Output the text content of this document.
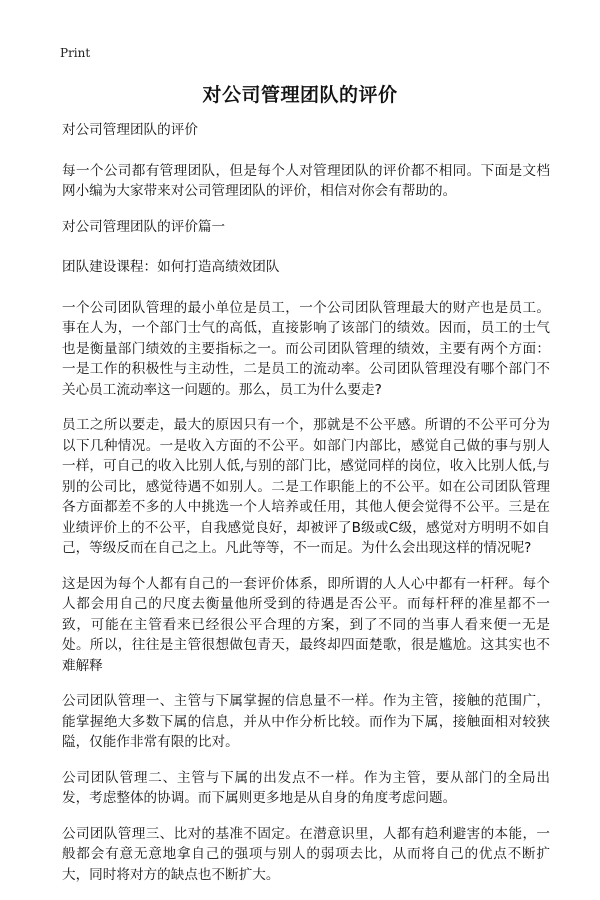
Print
对公司管理团队的评价
对公司管理团队的评价
每一个公司都有管理团队，但是每个人对管理团队的评价都不相同。下面是文档网小编为大家带来对公司管理团队的评价，相信对你会有帮助的。
对公司管理团队的评价篇一
团队建设课程：如何打造高绩效团队
一个公司团队管理的最小单位是员工，一个公司团队管理最大的财产也是员工。事在人为，一个部门士气的高低，直接影响了该部门的绩效。因而，员工的士气也是衡量部门绩效的主要指标之一。而公司团队管理的绩效，主要有两个方面：一是工作的积极性与主动性，二是员工的流动率。公司团队管理没有哪个部门不关心员工流动率这一问题的。那么，员工为什么要走?
员工之所以要走，最大的原因只有一个，那就是不公平感。所谓的不公平可分为以下几种情况。一是收入方面的不公平。如部门内部比，感觉自己做的事与别人一样，可自己的收入比别人低,与别的部门比，感觉同样的岗位，收入比别人低,与别的公司比，感觉待遇不如别人。二是工作职能上的不公平。如在公司团队管理各方面都差不多的人中挑选一个人培养或任用，其他人便会觉得不公平。三是在业绩评价上的不公平，自我感觉良好，却被评了B级或C级，感觉对方明明不如自己，等级反而在自己之上。凡此等等，不一而足。为什么会出现这样的情况呢?
这是因为每个人都有自己的一套评价体系，即所谓的人人心中都有一杆秤。每个人都会用自己的尺度去衡量他所受到的待遇是否公平。而每杆秤的准星都不一致，可能在主管看来已经很公平合理的方案，到了不同的当事人看来便一无是处。所以，往往是主管很想做包青天，最终却四面楚歌，很是尴尬。这其实也不难解释
公司团队管理一、主管与下属掌握的信息量不一样。作为主管，接触的范围广，能掌握绝大多数下属的信息，并从中作分析比较。而作为下属，接触面相对较狭隘，仅能作非常有限的比对。
公司团队管理二、主管与下属的出发点不一样。作为主管，要从部门的全局出发，考虑整体的协调。而下属则更多地是从自身的角度考虑问题。
公司团队管理三、比对的基准不固定。在潜意识里，人都有趋利避害的本能，一般都会有意无意地拿自己的强项与别人的弱项去比，从而将自己的优点不断扩大，同时将对方的缺点也不断扩大。
